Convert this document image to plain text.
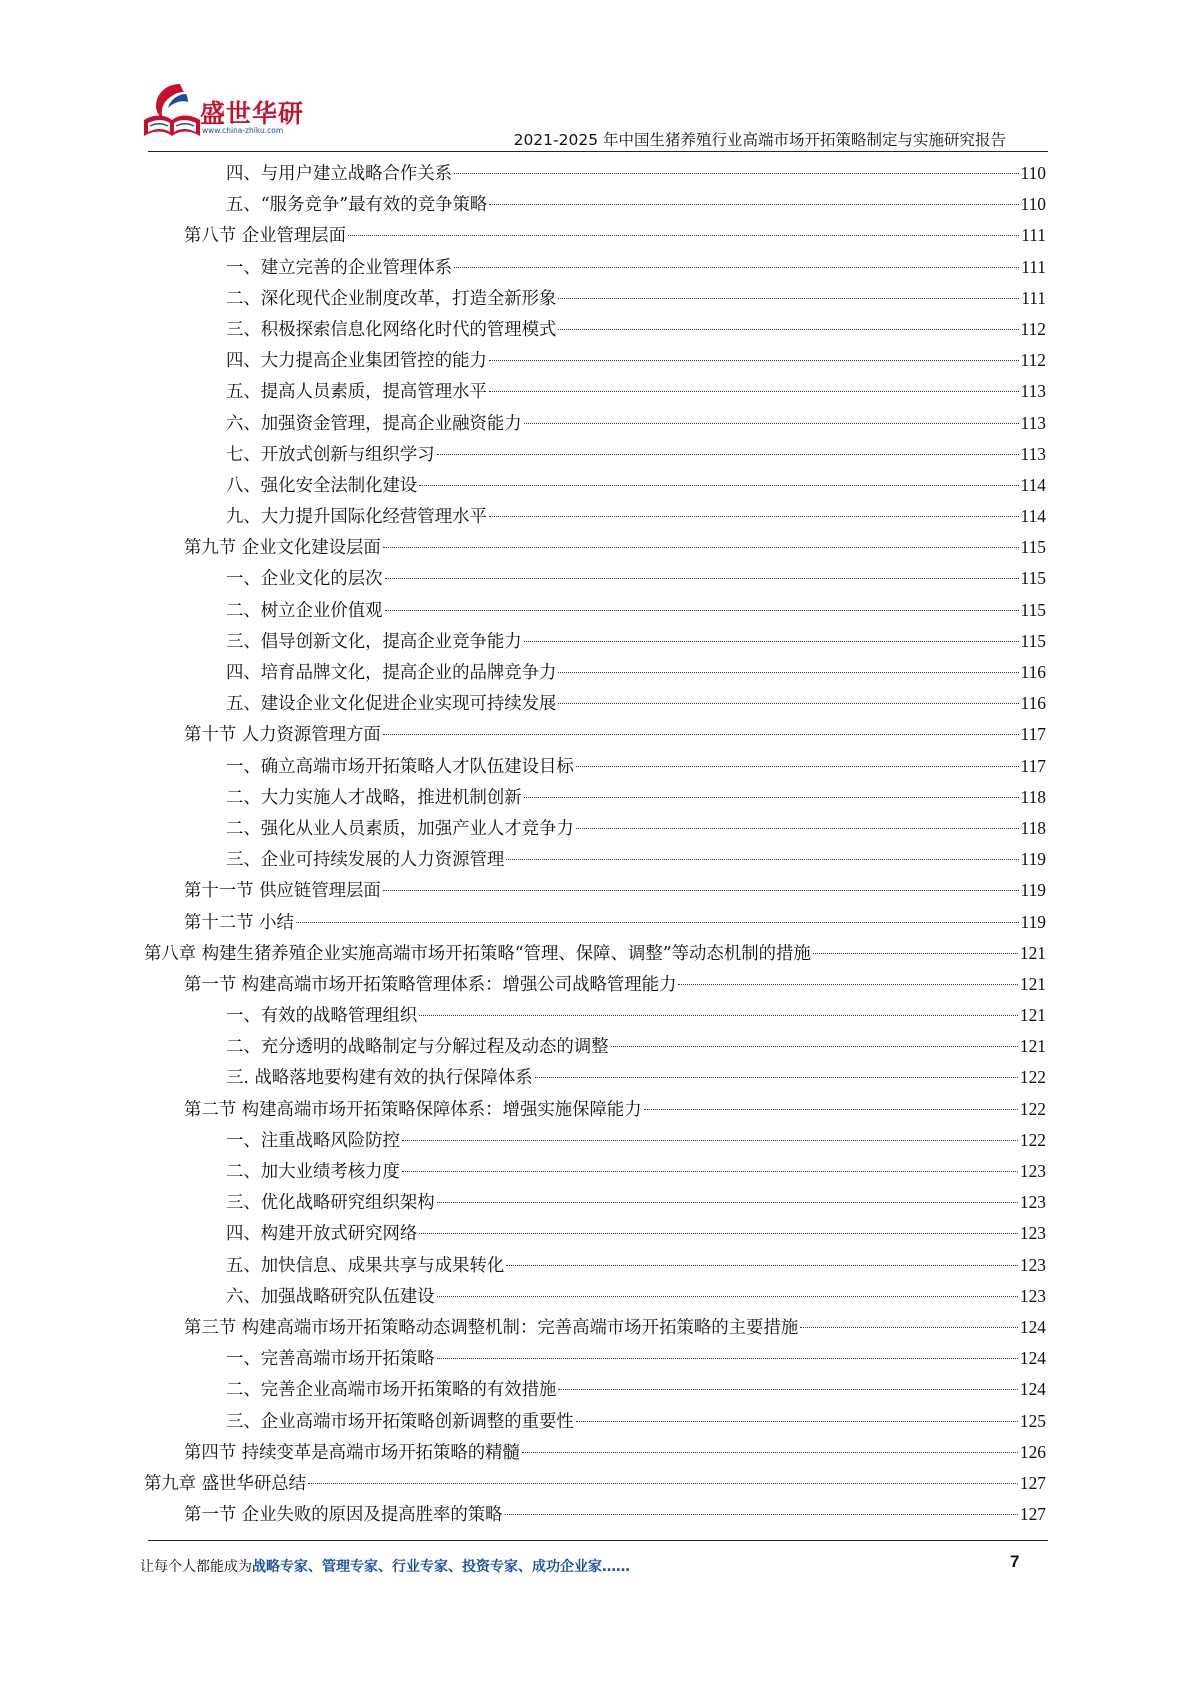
盛世华研
www.china-zhiku.com
2021-2025 年中国生猪养殖行业高端市场开拓策略制定与实施研究报告
四、与用户建立战略合作关系	110
五、“服务竞争”最有效的竞争策略	110
第八节 企业管理层面	111
一、建立完善的企业管理体系	111
二、深化现代企业制度改革，打造全新形象	111
三、积极探索信息化网络化时代的管理模式	112
四、大力提高企业集团管控的能力	112
五、提高人员素质，提高管理水平	113
六、加强资金管理，提高企业融资能力	113
七、开放式创新与组织学习	113
八、强化安全法制化建设	114
九、大力提升国际化经营管理水平	114
第九节 企业文化建设层面	115
一、企业文化的层次	115
二、树立企业价值观	115
三、倡导创新文化，提高企业竞争能力	115
四、培育品牌文化，提高企业的品牌竞争力	116
五、建设企业文化促进企业实现可持续发展	116
第十节 人力资源管理方面	117
一、确立高端市场开拓策略人才队伍建设目标	117
二、大力实施人才战略，推进机制创新	118
二、强化从业人员素质，加强产业人才竞争力	118
三、企业可持续发展的人力资源管理	119
第十一节 供应链管理层面	119
第十二节 小结	119
第八章 构建生猪养殖企业实施高端市场开拓策略“管理、保障、调整”等动态机制的措施	121
第一节 构建高端市场开拓策略管理体系：增强公司战略管理能力	121
一、有效的战略管理组织	121
二、充分透明的战略制定与分解过程及动态的调整	121
三. 战略落地要构建有效的执行保障体系	122
第二节 构建高端市场开拓策略保障体系：增强实施保障能力	122
一、注重战略风险防控	122
二、加大业绩考核力度	123
三、优化战略研究组织架构	123
四、构建开放式研究网络	123
五、加快信息、成果共享与成果转化	123
六、加强战略研究队伍建设	123
第三节 构建高端市场开拓策略动态调整机制：完善高端市场开拓策略的主要措施	124
一、完善高端市场开拓策略	124
二、完善企业高端市场开拓策略的有效措施	124
三、企业高端市场开拓策略创新调整的重要性	125
第四节 持续变革是高端市场开拓策略的精髓	126
第九章 盛世华研总结	127
第一节 企业失败的原因及提高胜率的策略	127
让每个人都能成为战略专家、管理专家、行业专家、投资专家、成功企业家……	7
